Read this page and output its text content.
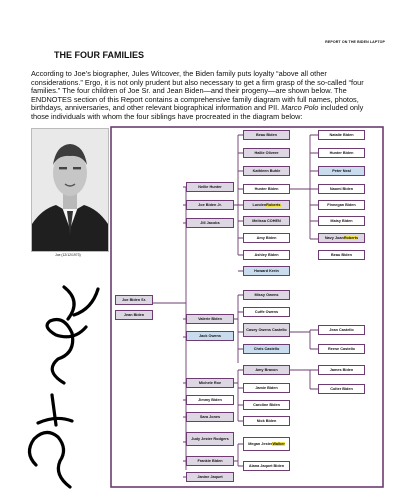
REPORT ON THE BIDEN LAPTOP
THE FOUR FAMILIES

According to Joe’s biographer, Jules Witcover, the Biden family puts loyalty “above all other considerations.” Ergo, it is not only prudent but also necessary to get a firm grasp of the so-called “four families.” The four children of Joe Sr. and Jean Biden—and their progeny—are shown below. The ENDNOTES section of this Report contains a comprehensive family diagram with full names, photos, birthdays, anniversaries, and other relevant biographical information and PII. Marco Polo included only those individuals with whom the four siblings have procreated in the diagram below:

Joe (12/12/1973)
Joe Biden Sr.
Jean Biden
Nellie Hunter
Joe Biden Jr.
Jill Jacobs
Valerie Biden
Jack Owens
Michele Roe
Jimmy Biden
Sara Jones
Judy Jester Rodgers
Frankie Biden
Janine Jaquet
Beau Biden
Hallie Olivere
Kathleen Buhle
Hunter Biden
Lunden Roberts
Melissa COHEN
Amy Biden
Ashley Biden
Howard Krein
Missy Owens
Cuffe Owens
Casey Owens Castello
Chris Castello
Amy Braxon
Jamie Biden
Caroline Biden
Nick Biden
Megan Jester Walker
Alana Jaquet Biden
Natalie Biden
Hunter Biden
Peter Neal
Naomi Biden
Finnegan Biden
Maisy Biden
Navy Joan Roberts
Beau Biden
Jean Castello
Reese Castello
James Biden
Colter Biden
